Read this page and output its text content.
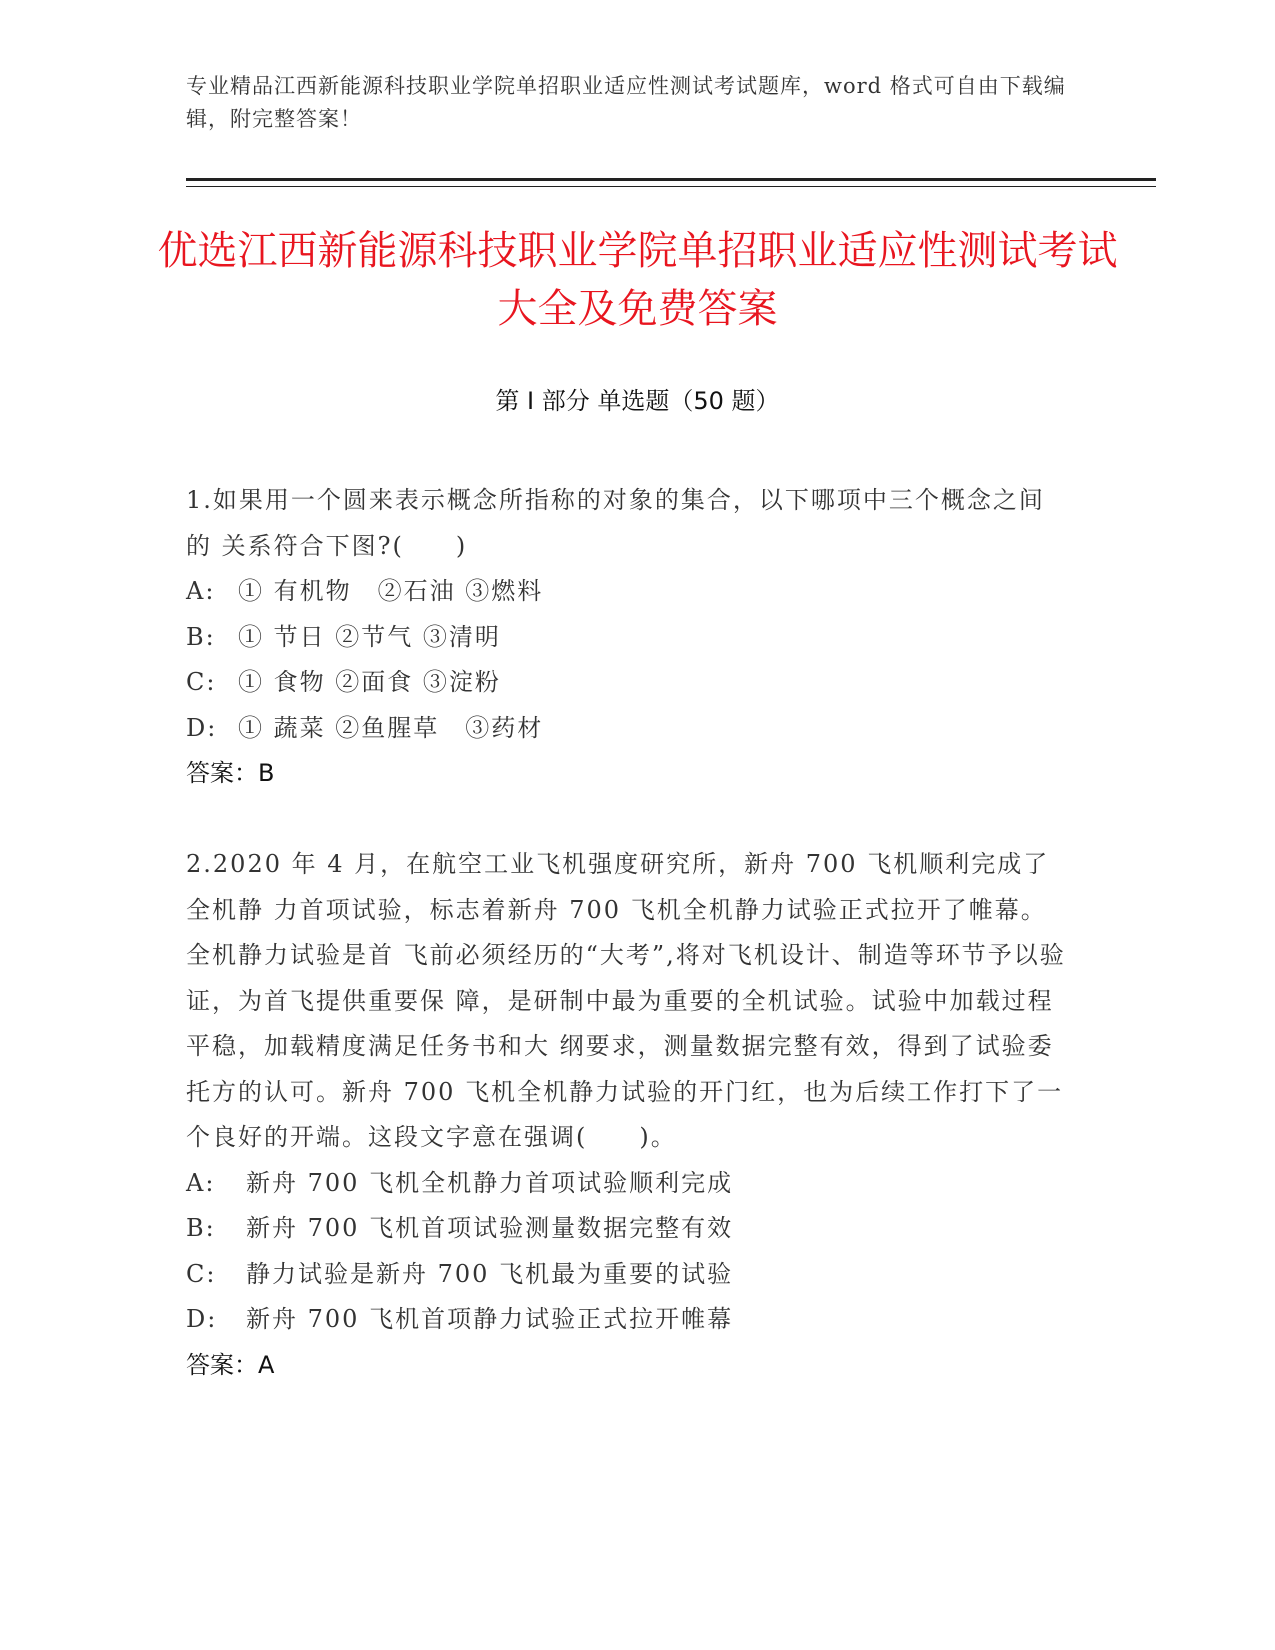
专业精品江西新能源科技职业学院单招职业适应性测试考试题库，word 格式可自由下载编辑，附完整答案！
优选江西新能源科技职业学院单招职业适应性测试考试大全及免费答案
第 I 部分 单选题（50 题）
1.如果用一个圆来表示概念所指称的对象的集合，以下哪项中三个概念之间的 关系符合下图?(　　)
A: ① 有机物　②石油 ③燃料
B: ① 节日 ②节气 ③清明
C: ① 食物 ②面食 ③淀粉
D: ① 蔬菜 ②鱼腥草　③药材
答案：B
2.2020 年 4 月，在航空工业飞机强度研究所，新舟 700 飞机顺利完成了全机静 力首项试验，标志着新舟 700 飞机全机静力试验正式拉开了帷幕。全机静力试验是首 飞前必须经历的“大考”,将对飞机设计、制造等环节予以验证，为首飞提供重要保 障，是研制中最为重要的全机试验。试验中加载过程平稳，加载精度满足任务书和大 纲要求，测量数据完整有效，得到了试验委托方的认可。新舟 700 飞机全机静力试验的开门红，也为后续工作打下了一个良好的开端。这段文字意在强调(　　)。
A:	新舟 700 飞机全机静力首项试验顺利完成
B:	新舟 700 飞机首项试验测量数据完整有效
C:	静力试验是新舟 700 飞机最为重要的试验
D:	新舟 700 飞机首项静力试验正式拉开帷幕
答案：A
